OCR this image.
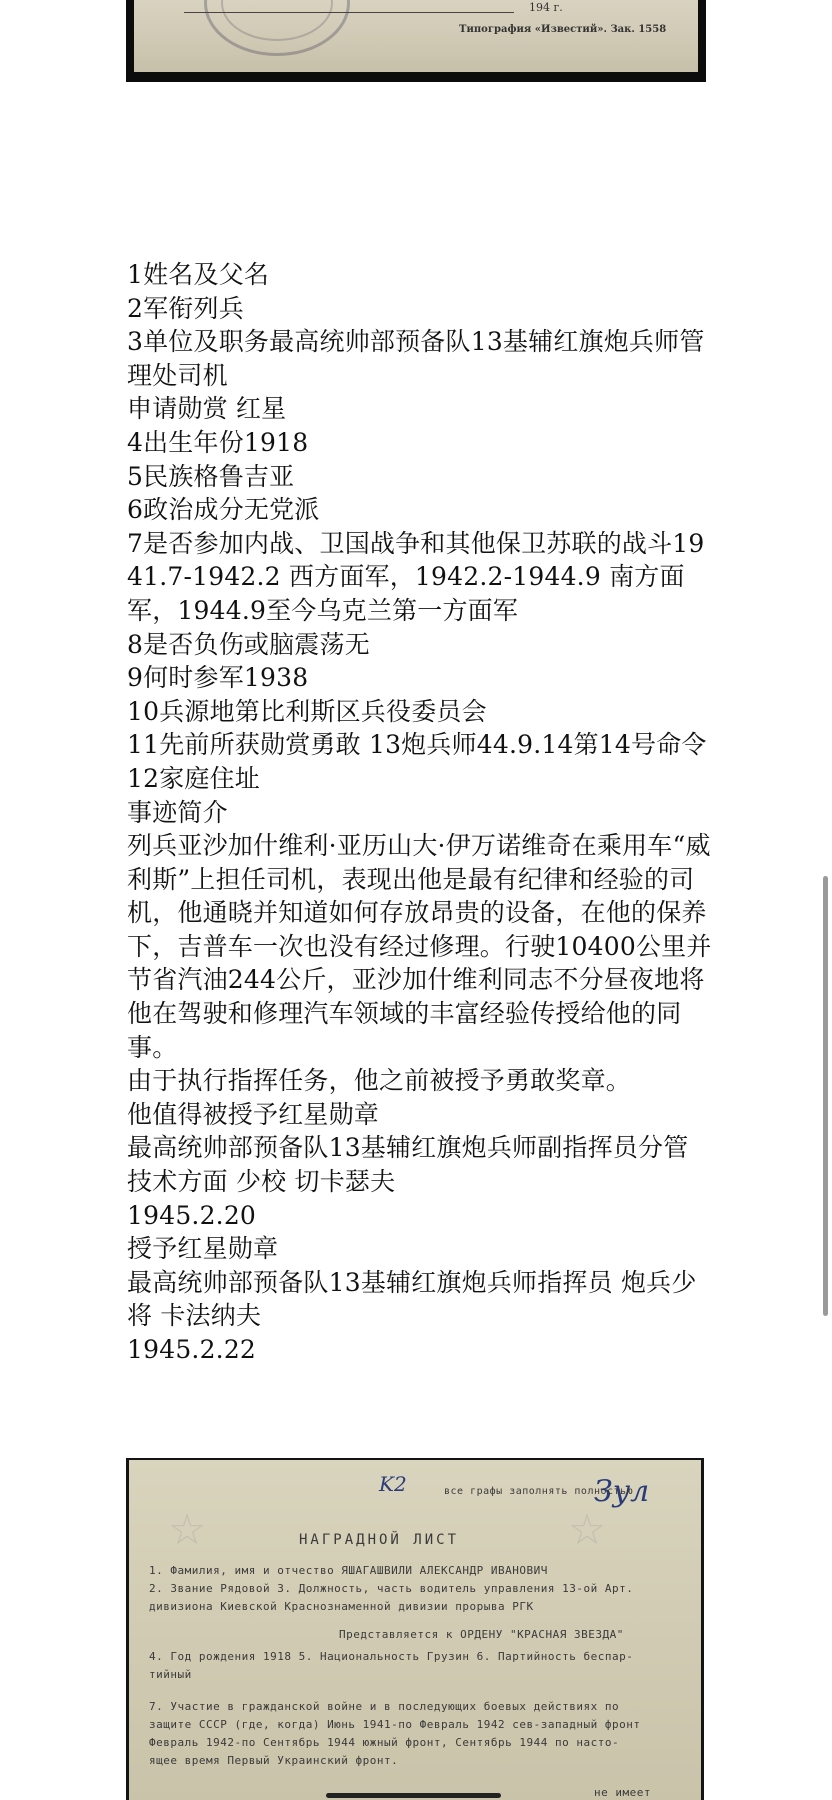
194 г.
Типография «Известий». Зак. 1558
1姓名及父名
2军衔列兵
3单位及职务最高统帅部预备队13基辅红旗炮兵师管理处司机
申请勋赏 红星
4出生年份1918
5民族格鲁吉亚
6政治成分无党派
7是否参加内战、卫国战争和其他保卫苏联的战斗1941.7-1942.2 西方面军，1942.2-1944.9 南方面军，1944.9至今乌克兰第一方面军
8是否负伤或脑震荡无
9何时参军1938
10兵源地第比利斯区兵役委员会
11先前所获勋赏勇敢 13炮兵师44.9.14第14号命令
12家庭住址
事迹简介
列兵亚沙加什维利·亚历山大·伊万诺维奇在乘用车“威利斯”上担任司机，表现出他是最有纪律和经验的司机，他通晓并知道如何存放昂贵的设备，在他的保养下，吉普车一次也没有经过修理。行驶10400公里并节省汽油244公斤，亚沙加什维利同志不分昼夜地将他在驾驶和修理汽车领域的丰富经验传授给他的同事。
由于执行指挥任务，他之前被授予勇敢奖章。
他值得被授予红星勋章
最高统帅部预备队13基辅红旗炮兵师副指挥员分管技术方面 少校 切卡瑟夫
1945.2.20
授予红星勋章
最高统帅部预备队13基辅红旗炮兵师指挥员 炮兵少将 卡法纳夫
1945.2.22
☆	☆
K2	Зул
все графы заполнять полностью
НАГРАДНОЙ ЛИСТ
1. Фамилия, имя и отчество ЯШАГАШВИЛИ АЛЕКСАНДР ИВАНОВИЧ
2. Звание Рядовой 3. Должность, часть водитель управления 13-ой Арт.
дивизиона Киевской Краснознаменной дивизии прорыва РГК
Представляется к ОРДЕНУ "КРАСНАЯ ЗВЕЗДА"
4. Год рождения 1918 5. Национальность Грузин 6. Партийность беспар-
тийный
7. Участие в гражданской войне и в последующих боевых действиях по
защите СССР (где, когда) Июнь 1941-по Февраль 1942 сев-западный фронт
Февраль 1942-по Сентябрь 1944 южный фронт, Сентябрь 1944 по насто-
ящее время Первый Украинский фронт.
не имеет
